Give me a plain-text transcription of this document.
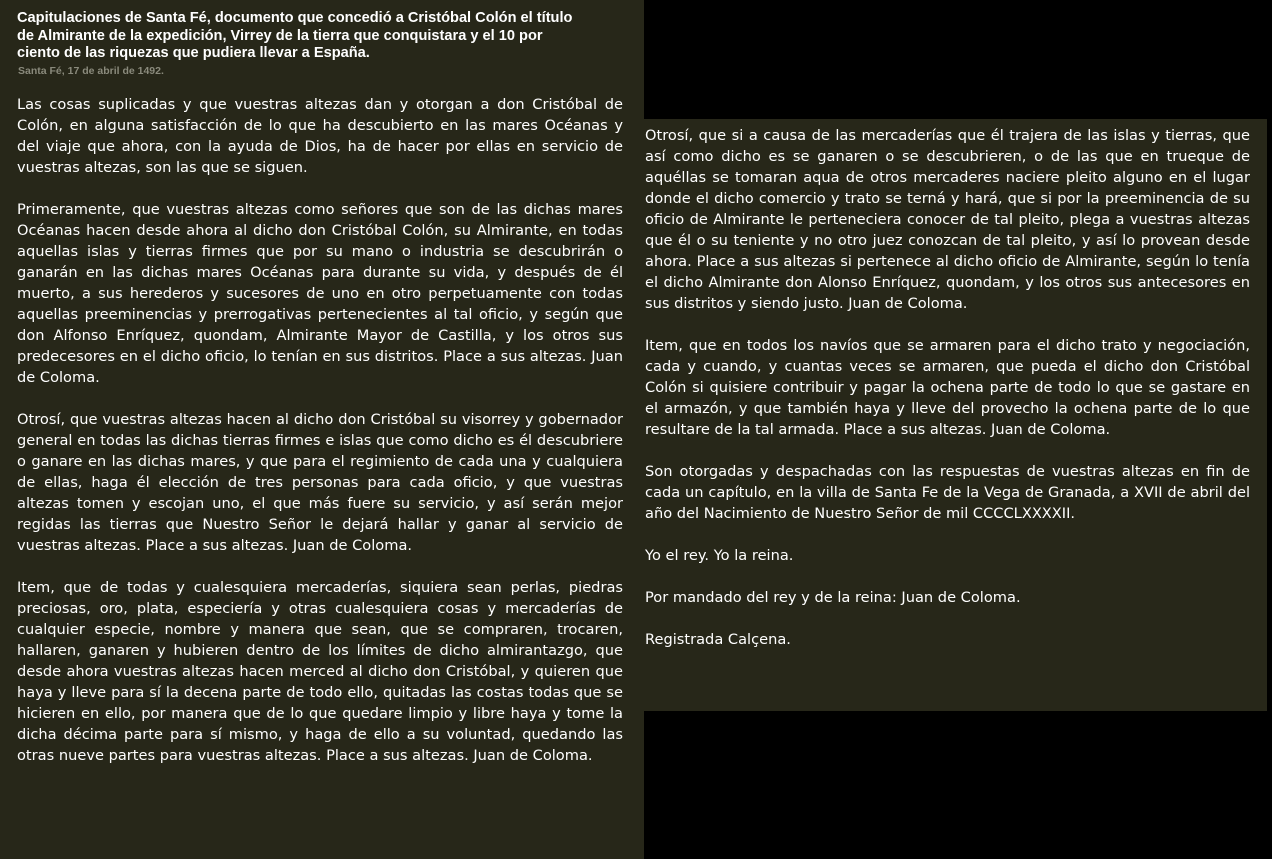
Capitulaciones de Santa Fé, documento que concedió a Cristóbal Colón el título de Almirante de la expedición, Virrey de la tierra que conquistara y el 10 por ciento de las riquezas que pudiera llevar a España.
Santa Fé, 17 de abril de 1492.

Las cosas suplicadas y que vuestras altezas dan y otorgan a don Cristóbal de Colón, en alguna satisfacción de lo que ha descubierto en las mares Océanas y del viaje que ahora, con la ayuda de Dios, ha de hacer por ellas en servicio de vuestras altezas, son las que se siguen.

Primeramente, que vuestras altezas como señores que son de las dichas mares Océanas hacen desde ahora al dicho don Cristóbal Colón, su Almirante, en todas aquellas islas y tierras firmes que por su mano o industria se descubrirán o ganarán en las dichas mares Océanas para durante su vida, y después de él muerto, a sus herederos y sucesores de uno en otro perpetuamente con todas aquellas preeminencias y prerrogativas pertenecientes al tal oficio, y según que don Alfonso Enríquez, quondam, Almirante Mayor de Castilla, y los otros sus predecesores en el dicho oficio, lo tenían en sus distritos. Place a sus altezas. Juan de Coloma.

Otrosí, que vuestras altezas hacen al dicho don Cristóbal su visorrey y gobernador general en todas las dichas tierras firmes e islas que como dicho es él descubriere o ganare en las dichas mares, y que para el regimiento de cada una y cualquiera de ellas, haga él elección de tres personas para cada oficio, y que vuestras altezas tomen y escojan uno, el que más fuere su servicio, y así serán mejor regidas las tierras que Nuestro Señor le dejará hallar y ganar al servicio de vuestras altezas. Place a sus altezas. Juan de Coloma.

Item, que de todas y cualesquiera mercaderías, siquiera sean perlas, piedras preciosas, oro, plata, especiería y otras cualesquiera cosas y mercaderías de cualquier especie, nombre y manera que sean, que se compraren, trocaren, hallaren, ganaren y hubieren dentro de los límites de dicho almirantazgo, que desde ahora vuestras altezas hacen merced al dicho don Cristóbal, y quieren que haya y lleve para sí la decena parte de todo ello, quitadas las costas todas que se hicieren en ello, por manera que de lo que quedare limpio y libre haya y tome la dicha décima parte para sí mismo, y haga de ello a su voluntad, quedando las otras nueve partes para vuestras altezas. Place a sus altezas. Juan de Coloma.

Otrosí, que si a causa de las mercaderías que él trajera de las islas y tierras, que así como dicho es se ganaren o se descubrieren, o de las que en trueque de aquéllas se tomaran aqua de otros mercaderes naciere pleito alguno en el lugar donde el dicho comercio y trato se terná y hará, que si por la preeminencia de su oficio de Almirante le perteneciera conocer de tal pleito, plega a vuestras altezas que él o su teniente y no otro juez conozcan de tal pleito, y así lo provean desde ahora. Place a sus altezas si pertenece al dicho oficio de Almirante, según lo tenía el dicho Almirante don Alonso Enríquez, quondam, y los otros sus antecesores en sus distritos y siendo justo. Juan de Coloma.

Item, que en todos los navíos que se armaren para el dicho trato y negociación, cada y cuando, y cuantas veces se armaren, que pueda el dicho don Cristóbal Colón si quisiere contribuir y pagar la ochena parte de todo lo que se gastare en el armazón, y que también haya y lleve del provecho la ochena parte de lo que resultare de la tal armada. Place a sus altezas. Juan de Coloma.

Son otorgadas y despachadas con las respuestas de vuestras altezas en fin de cada un capítulo, en la villa de Santa Fe de la Vega de Granada, a XVII de abril del año del Nacimiento de Nuestro Señor de mil CCCCLXXXXII.

Yo el rey. Yo la reina.

Por mandado del rey y de la reina: Juan de Coloma.

Registrada Calçena.
